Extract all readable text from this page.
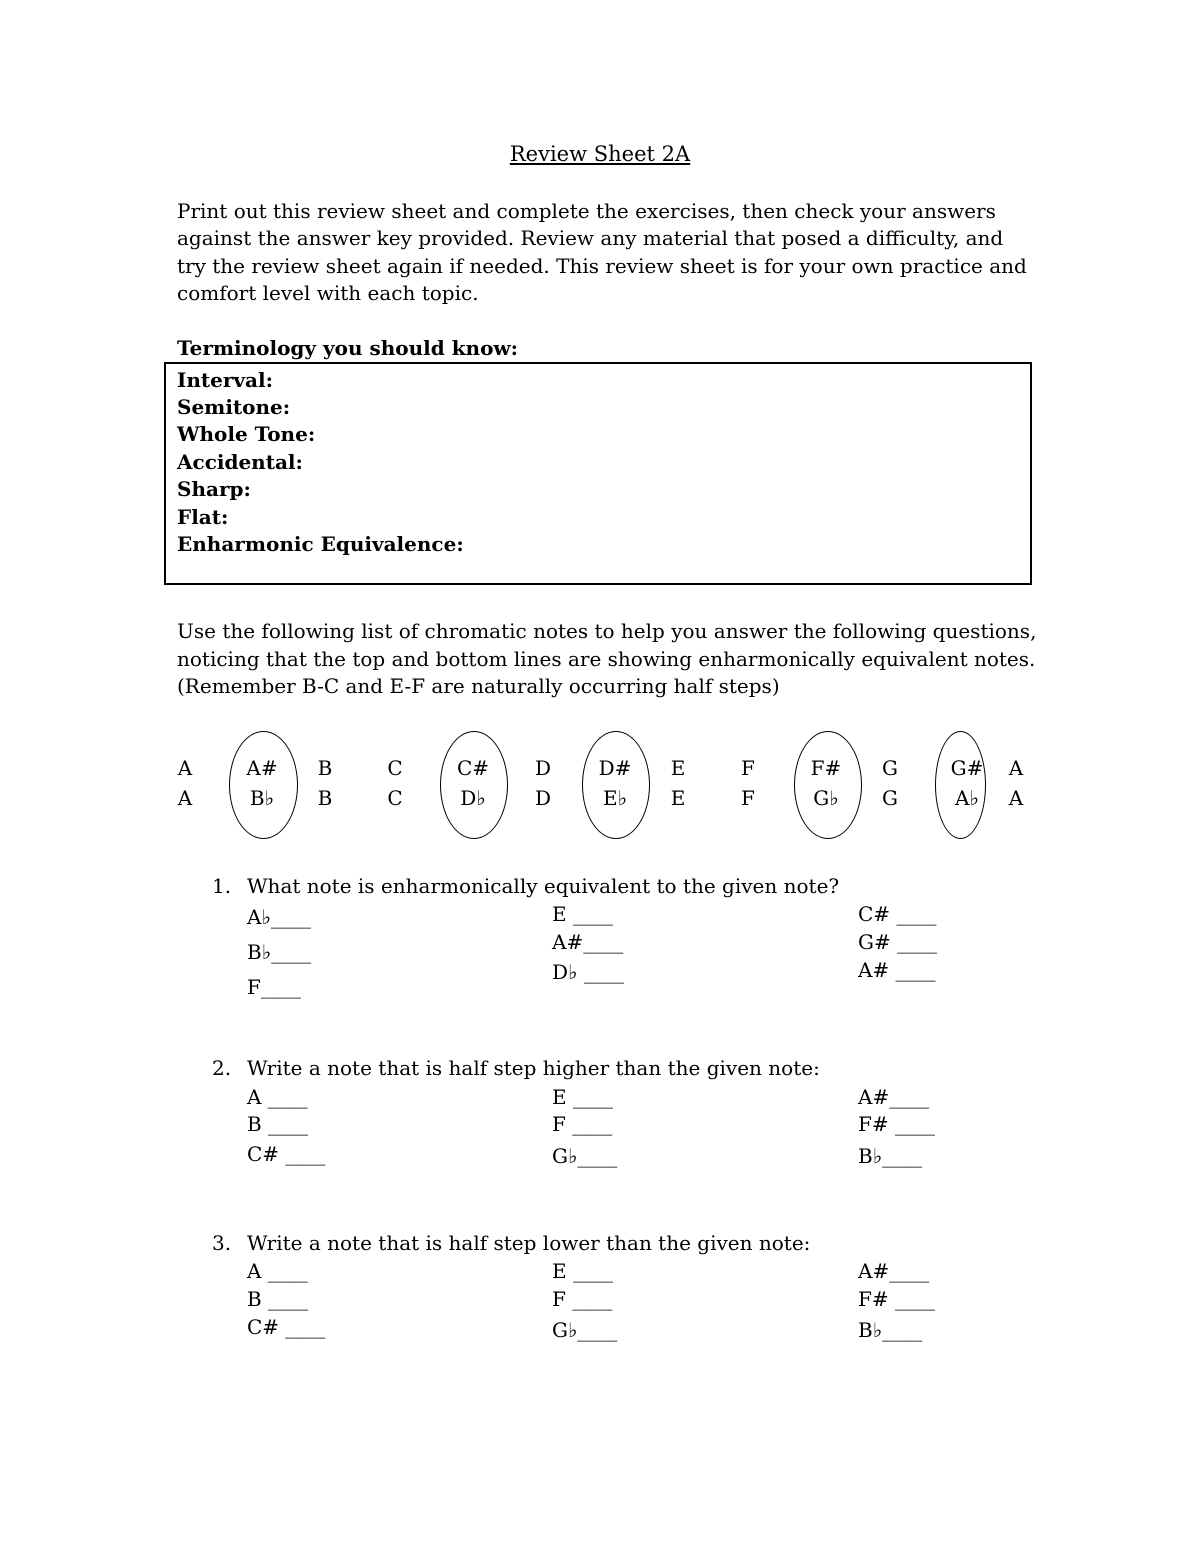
Review Sheet 2A
Print out this review sheet and complete the exercises, then check your answers
against the answer key provided. Review any material that posed a difficulty, and
try the review sheet again if needed. This review sheet is for your own practice and
comfort level with each topic.
Terminology you should know:
Interval:
Semitone:
Whole Tone:
Accidental:
Sharp:
Flat:
Enharmonic Equivalence:
Use the following list of chromatic notes to help you answer the following questions,
noticing that the top and bottom lines are showing enharmonically equivalent notes.
(Remember B-C and E-F are naturally occurring half steps)
A
A
A#
B♭
B
B
C
C
C#
D♭
D
D
D#
E♭
E
E
F
F
F#
G♭
G
G
G#
A♭
A
A
1. What note is enharmonically equivalent to the given note?
A♭____
B♭____
F____
E ____
A#____
D♭ ____
C# ____
G# ____
A# ____
2. Write a note that is half step higher than the given note:
A ____
B ____
C# ____
E ____
F ____
G♭____
A#____
F# ____
B♭____
3. Write a note that is half step lower than the given note:
A ____
B ____
C# ____
E ____
F ____
G♭____
A#____
F# ____
B♭____
